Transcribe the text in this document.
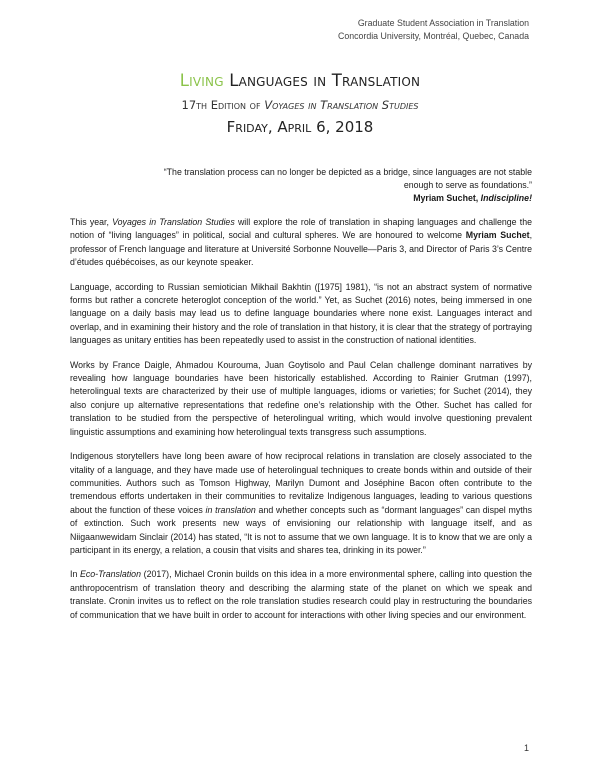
Graduate Student Association in Translation
Concordia University, Montréal, Quebec, Canada
Living Languages in Translation
17th Edition of Voyages in Translation Studies
Friday, April 6, 2018
“The translation process can no longer be depicted as a bridge, since languages are not stable enough to serve as foundations.”
Myriam Suchet, Indiscipline!

This year, Voyages in Translation Studies will explore the role of translation in shaping languages and challenge the notion of “living languages” in political, social and cultural spheres. We are honoured to welcome Myriam Suchet, professor of French language and literature at Université Sorbonne Nouvelle—Paris 3, and Director of Paris 3’s Centre d’études québécoises, as our keynote speaker.

Language, according to Russian semiotician Mikhail Bakhtin ([1975] 1981), “is not an abstract system of normative forms but rather a concrete heteroglot conception of the world.” Yet, as Suchet (2016) notes, being immersed in one language on a daily basis may lead us to define language boundaries where none exist. Languages interact and overlap, and in examining their history and the role of translation in that history, it is clear that the strategy of portraying languages as unitary entities has been repeatedly used to assist in the construction of national identities.

Works by France Daigle, Ahmadou Kourouma, Juan Goytisolo and Paul Celan challenge dominant narratives by revealing how language boundaries have been historically established. According to Rainier Grutman (1997), heterolingual texts are characterized by their use of multiple languages, idioms or varieties; for Suchet (2014), they also conjure up alternative representations that redefine one’s relationship with the Other. Suchet has called for translation to be studied from the perspective of heterolingual writing, which would involve questioning prevalent linguistic assumptions and examining how heterolingual texts transgress such assumptions.

Indigenous storytellers have long been aware of how reciprocal relations in translation are closely associated to the vitality of a language, and they have made use of heterolingual techniques to create bonds within and outside of their communities. Authors such as Tomson Highway, Marilyn Dumont and Joséphine Bacon often contribute to the tremendous efforts undertaken in their communities to revitalize Indigenous languages, leading to various questions about the function of these voices in translation and whether concepts such as “dormant languages” can dispel myths of extinction. Such work presents new ways of envisioning our relationship with language itself, and as Niigaanwewidam Sinclair (2014) has stated, “It is not to assume that we own language. It is to know that we are only a participant in its energy, a relation, a cousin that visits and shares tea, drinking in its power.”

In Eco-Translation (2017), Michael Cronin builds on this idea in a more environmental sphere, calling into question the anthropocentrism of translation theory and describing the alarming state of the planet on which we speak and translate. Cronin invites us to reflect on the role translation studies research could play in restructuring the boundaries of communication that we have built in order to account for interactions with other living species and our environment.

1
